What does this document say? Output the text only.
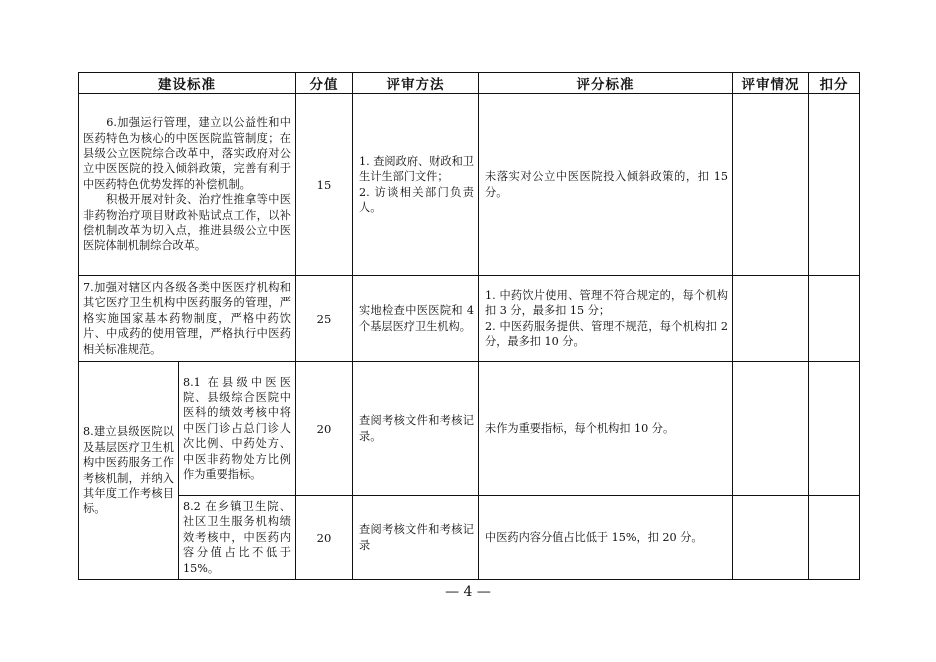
建设标准		分值	评审方法	评分标准	评审情况	扣分
　　6.加强运行管理，建立以公益性和中医药特色为核心的中医医院监管制度；在县级公立医院综合改革中，落实政府对公立中医医院的投入倾斜政策，完善有利于中医药特色优势发挥的补偿机制。
　　积极开展对针灸、治疗性推拿等中医非药物治疗项目财政补贴试点工作，以补偿机制改革为切入点，推进县级公立中医医院体制机制综合改革。		15	1. 查阅政府、财政和卫生计生部门文件；
2. 访谈相关部门负责人。	未落实对公立中医医院投入倾斜政策的，扣 15 分。		
7.加强对辖区内各级各类中医医疗机构和其它医疗卫生机构中医药服务的管理，严格实施国家基本药物制度，严格中药饮片、中成药的使用管理，严格执行中医药相关标准规范。		25	实地检查中医医院和 4 个基层医疗卫生机构。	1. 中药饮片使用、管理不符合规定的，每个机构扣 3 分，最多扣 15 分；
2. 中医药服务提供、管理不规范，每个机构扣 2 分，最多扣 10 分。		
8.建立县级医院以及基层医疗卫生机构中医药服务工作考核机制，并纳入其年度工作考核目标。	8.1 在县级中医医院、县级综合医院中医科的绩效考核中将中医门诊占总门诊人次比例、中药处方、中医非药物处方比例作为重要指标。	20	查阅考核文件和考核记录。	未作为重要指标，每个机构扣 10 分。		
	8.2 在乡镇卫生院、社区卫生服务机构绩效考核中，中医药内容分值占比不低于 15%。	20	查阅考核文件和考核记录	中医药内容分值占比低于 15%，扣 20 分。		
— 4 —
